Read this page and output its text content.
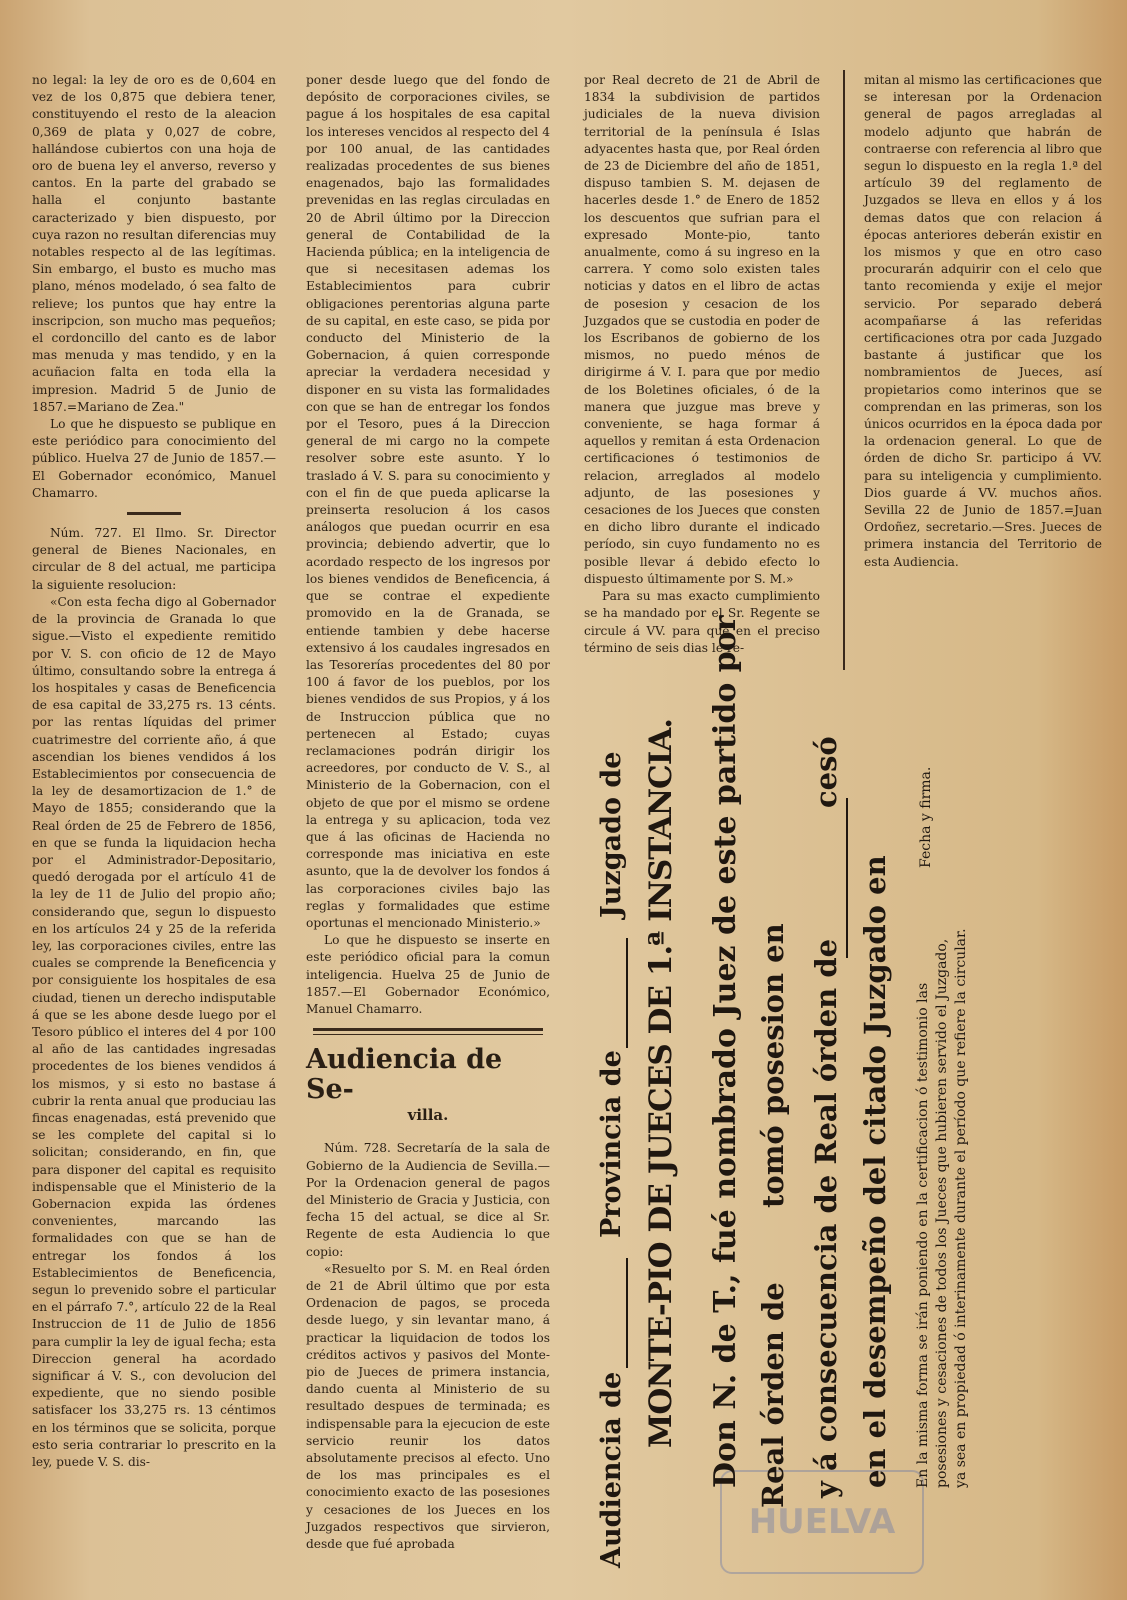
no legal: la ley de oro es de 0,604 en vez de los 0,875 que debiera tener, constituyendo el resto de la aleacion 0,369 de plata y 0,027 de cobre, hallándose cubiertos con una hoja de oro de buena ley el anverso, reverso y cantos. En la parte del grabado se halla el conjunto bastante caracterizado y bien dispuesto, por cuya razon no resultan diferencias muy notables respecto al de las legítimas. Sin embargo, el busto es mucho mas plano, ménos modelado, ó sea falto de relieve; los puntos que hay entre la inscripcion, son mucho mas pequeños; el cordoncillo del canto es de labor mas menuda y mas tendido, y en la acuñacion falta en toda ella la impresion. Madrid 5 de Junio de 1857.=Mariano de Zea."

Lo que he dispuesto se publique en este periódico para conocimiento del público. Huelva 27 de Junio de 1857.—El Gobernador económico, Manuel Chamarro.

Núm. 727. El Ilmo. Sr. Director general de Bienes Nacionales, en circular de 8 del actual, me participa la siguiente resolucion:

«Con esta fecha digo al Gobernador de la provincia de Granada lo que sigue.—Visto el expediente remitido por V. S. con oficio de 12 de Mayo último, consultando sobre la entrega á los hospitales y casas de Beneficencia de esa capital de 33,275 rs. 13 cénts. por las rentas líquidas del primer cuatrimestre del corriente año, á que ascendian los bienes vendidos á los Establecimientos por consecuencia de la ley de desamortizacion de 1.° de Mayo de 1855; considerando que la Real órden de 25 de Febrero de 1856, en que se funda la liquidacion hecha por el Administrador-Depositario, quedó derogada por el artículo 41 de la ley de 11 de Julio del propio año; considerando que, segun lo dispuesto en los artículos 24 y 25 de la referida ley, las corporaciones civiles, entre las cuales se comprende la Beneficencia y por consiguiente los hospitales de esa ciudad, tienen un derecho indisputable á que se les abone desde luego por el Tesoro público el interes del 4 por 100 al año de las cantidades ingresadas procedentes de los bienes vendidos á los mismos, y si esto no bastase á cubrir la renta anual que produciau las fincas enagenadas, está prevenido que se les complete del capital si lo solicitan; considerando, en fin, que para disponer del capital es requisito indispensable que el Ministerio de la Gobernacion expida las órdenes convenientes, marcando las formalidades con que se han de entregar los fondos á los Establecimientos de Beneficencia, segun lo prevenido sobre el particular en el párrafo 7.°, artículo 22 de la Real Instruccion de 11 de Julio de 1856 para cumplir la ley de igual fecha; esta Direccion general ha acordado significar á V. S., con devolucion del expediente, que no siendo posible satisfacer los 33,275 rs. 13 céntimos en los términos que se solicita, porque esto seria contrariar lo prescrito en la ley, puede V. S. dis-

poner desde luego que del fondo de depósito de corporaciones civiles, se pague á los hospitales de esa capital los intereses vencidos al respecto del 4 por 100 anual, de las cantidades realizadas procedentes de sus bienes enagenados, bajo las formalidades prevenidas en las reglas circuladas en 20 de Abril último por la Direccion general de Contabilidad de la Hacienda pública; en la inteligencia de que si necesitasen ademas los Establecimientos para cubrir obligaciones perentorias alguna parte de su capital, en este caso, se pida por conducto del Ministerio de la Gobernacion, á quien corresponde apreciar la verdadera necesidad y disponer en su vista las formalidades con que se han de entregar los fondos por el Tesoro, pues á la Direccion general de mi cargo no la compete resolver sobre este asunto. Y lo traslado á V. S. para su conocimiento y con el fin de que pueda aplicarse la preinserta resolucion á los casos análogos que puedan ocurrir en esa provincia; debiendo advertir, que lo acordado respecto de los ingresos por los bienes vendidos de Beneficencia, á que se contrae el expediente promovido en la de Granada, se entiende tambien y debe hacerse extensivo á los caudales ingresados en las Tesorerías procedentes del 80 por 100 á favor de los pueblos, por los bienes vendidos de sus Propios, y á los de Instruccion pública que no pertenecen al Estado; cuyas reclamaciones podrán dirigir los acreedores, por conducto de V. S., al Ministerio de la Gobernacion, con el objeto de que por el mismo se ordene la entrega y su aplicacion, toda vez que á las oficinas de Hacienda no corresponde mas iniciativa en este asunto, que la de devolver los fondos á las corporaciones civiles bajo las reglas y formalidades que estime oportunas el mencionado Ministerio.»

Lo que he dispuesto se inserte en este periódico oficial para la comun inteligencia. Huelva 25 de Junio de 1857.—El Gobernador Económico, Manuel Chamarro.

Audiencia de Se-
villa.

Núm. 728. Secretaría de la sala de Gobierno de la Audiencia de Sevilla.—Por la Ordenacion general de pagos del Ministerio de Gracia y Justicia, con fecha 15 del actual, se dice al Sr. Regente de esta Audiencia lo que copio:

«Resuelto por S. M. en Real órden de 21 de Abril último que por esta Ordenacion de pagos, se proceda desde luego, y sin levantar mano, á practicar la liquidacion de todos los créditos activos y pasivos del Monte-pio de Jueces de primera instancia, dando cuenta al Ministerio de su resultado despues de terminada; es indispensable para la ejecucion de este servicio reunir los datos absolutamente precisos al efecto. Uno de los mas principales es el conocimiento exacto de las posesiones y cesaciones de los Jueces en los Juzgados respectivos que sirvieron, desde que fué aprobada

por Real decreto de 21 de Abril de 1834 la subdivision de partidos judiciales de la nueva division territorial de la península é Islas adyacentes hasta que, por Real órden de 23 de Diciembre del año de 1851, dispuso tambien S. M. dejasen de hacerles desde 1.° de Enero de 1852 los descuentos que sufrian para el expresado Monte-pio, tanto anualmente, como á su ingreso en la carrera. Y como solo existen tales noticias y datos en el libro de actas de posesion y cesacion de los Juzgados que se custodia en poder de los Escribanos de gobierno de los mismos, no puedo ménos de dirigirme á V. I. para que por medio de los Boletines oficiales, ó de la manera que juzgue mas breve y conveniente, se haga formar á aquellos y remitan á esta Ordenacion certificaciones ó testimonios de relacion, arreglados al modelo adjunto, de las posesiones y cesaciones de los Jueces que consten en dicho libro durante el indicado período, sin cuyo fundamento no es posible llevar á debido efecto lo dispuesto últimamente por S. M.»

Para su mas exacto cumplimiento se ha mandado por el Sr. Regente se circule á VV. para que en el preciso término de seis dias le re-

mitan al mismo las certificaciones que se interesan por la Ordenacion general de pagos arregladas al modelo adjunto que habrán de contraerse con referencia al libro que segun lo dispuesto en la regla 1.ª del artículo 39 del reglamento de Juzgados se lleva en ellos y á los demas datos que con relacion á épocas anteriores deberán existir en los mismos y que en otro caso procurarán adquirir con el celo que tanto recomienda y exije el mejor servicio. Por separado deberá acompañarse á las referidas certificaciones otra por cada Juzgado bastante á justificar que los nombramientos de Jueces, así propietarios como interinos que se comprendan en las primeras, son los únicos ocurridos en la época dada por la ordenacion general. Lo que de órden de dicho Sr. participo á VV. para su inteligencia y cumplimiento. Dios guarde á VV. muchos años. Sevilla 22 de Junio de 1857.=Juan Ordoñez, secretario.—Sres. Jueces de primera instancia del Territorio de esta Audiencia.

HUELVA
Audiencia de
Provincia de
Juzgado de MONTE-PIO DE JUECES DE 1.ª INSTANCIA. Don N. de T., fué nombrado Juez de este partido por Real órden de
tomó posesion en y á consecuencia de Real órden de
cesó
en el desempeño del citado Juzgado en En la misma forma se irán poniendo en la certificacion ó testimonio las posesiones y cesaciones de todos los Jueces que hubieren servido el Juzgado, ya sea en propiedad ó interinamente durante el período que refiere la circular.
Fecha y firma.
